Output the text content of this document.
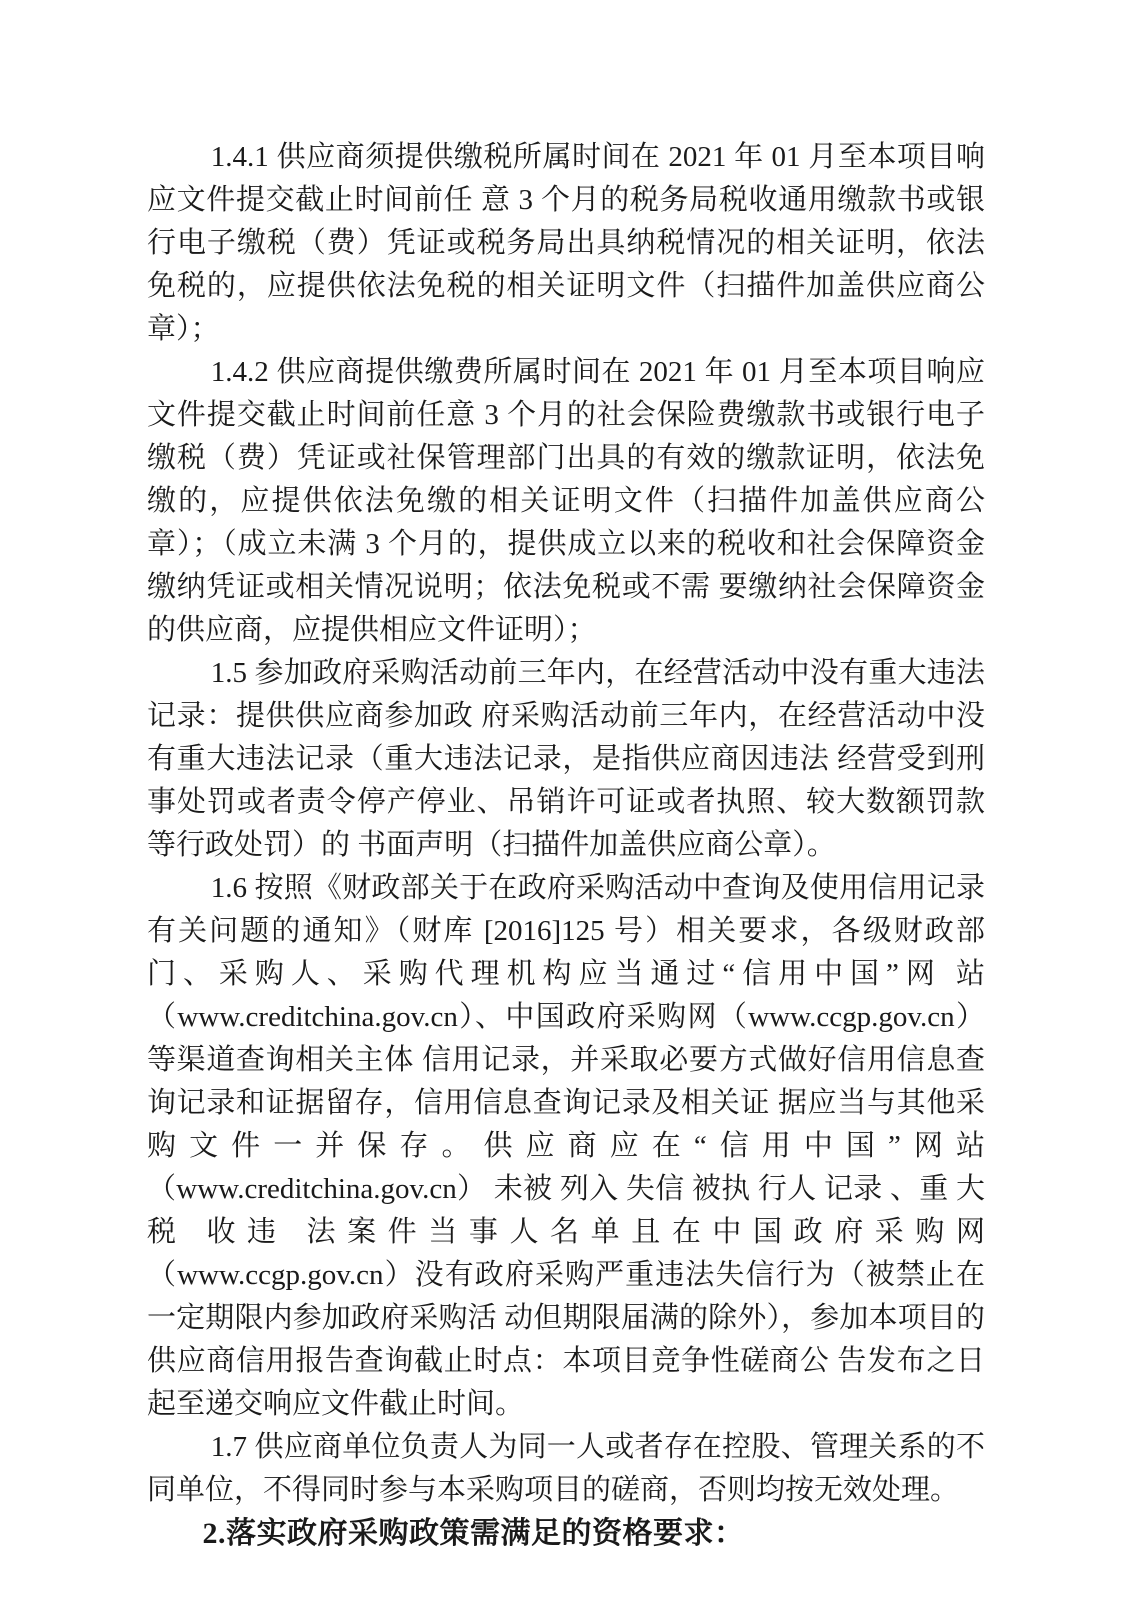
1.4.1 供应商须提供缴税所属时间在 2021 年 01 月至本项目响应文件提交截止时间前任 意 3 个月的税务局税收通用缴款书或银行电子缴税（费）凭证或税务局出具纳税情况的相关证明，依法免税的，应提供依法免税的相关证明文件（扫描件加盖供应商公章）；

1.4.2 供应商提供缴费所属时间在 2021 年 01 月至本项目响应文件提交截止时间前任意 3 个月的社会保险费缴款书或银行电子缴税（费）凭证或社保管理部门出具的有效的缴款证明，依法免缴的，应提供依法免缴的相关证明文件（扫描件加盖供应商公章）；（成立未满 3 个月的，提供成立以来的税收和社会保障资金缴纳凭证或相关情况说明；依法免税或不需 要缴纳社会保障资金的供应商，应提供相应文件证明）；

1.5 参加政府采购活动前三年内，在经营活动中没有重大违法记录：提供供应商参加政 府采购活动前三年内，在经营活动中没有重大违法记录（重大违法记录，是指供应商因违法 经营受到刑事处罚或者责令停产停业、吊销许可证或者执照、较大数额罚款等行政处罚）的 书面声明（扫描件加盖供应商公章）。

1.6 按照《财政部关于在政府采购活动中查询及使用信用记录有关问题的通知》（财库 [2016]125 号）相关要求，各级财政部门、采购人、采购代理机构应当通过“信用中国”网 站（www.creditchina.gov.cn）、中国政府采购网（www.ccgp.gov.cn）等渠道查询相关主体 信用记录，并采取必要方式做好信用信息查询记录和证据留存，信用信息查询记录及相关证 据应当与其他采购文件一并保存。供应商应在“信用中国”网站（www.creditchina.gov.cn） 未被 列入 失信 被执 行人 记录 、重 大税 收违 法案件当事人名单且在中国政府采购网 （www.ccgp.gov.cn）没有政府采购严重违法失信行为（被禁止在一定期限内参加政府采购活 动但期限届满的除外），参加本项目的供应商信用报告查询截止时点：本项目竞争性磋商公 告发布之日起至递交响应文件截止时间。

1.7 供应商单位负责人为同一人或者存在控股、管理关系的不同单位，不得同时参与本采购项目的磋商，否则均按无效处理。

2.落实政府采购政策需满足的资格要求：
